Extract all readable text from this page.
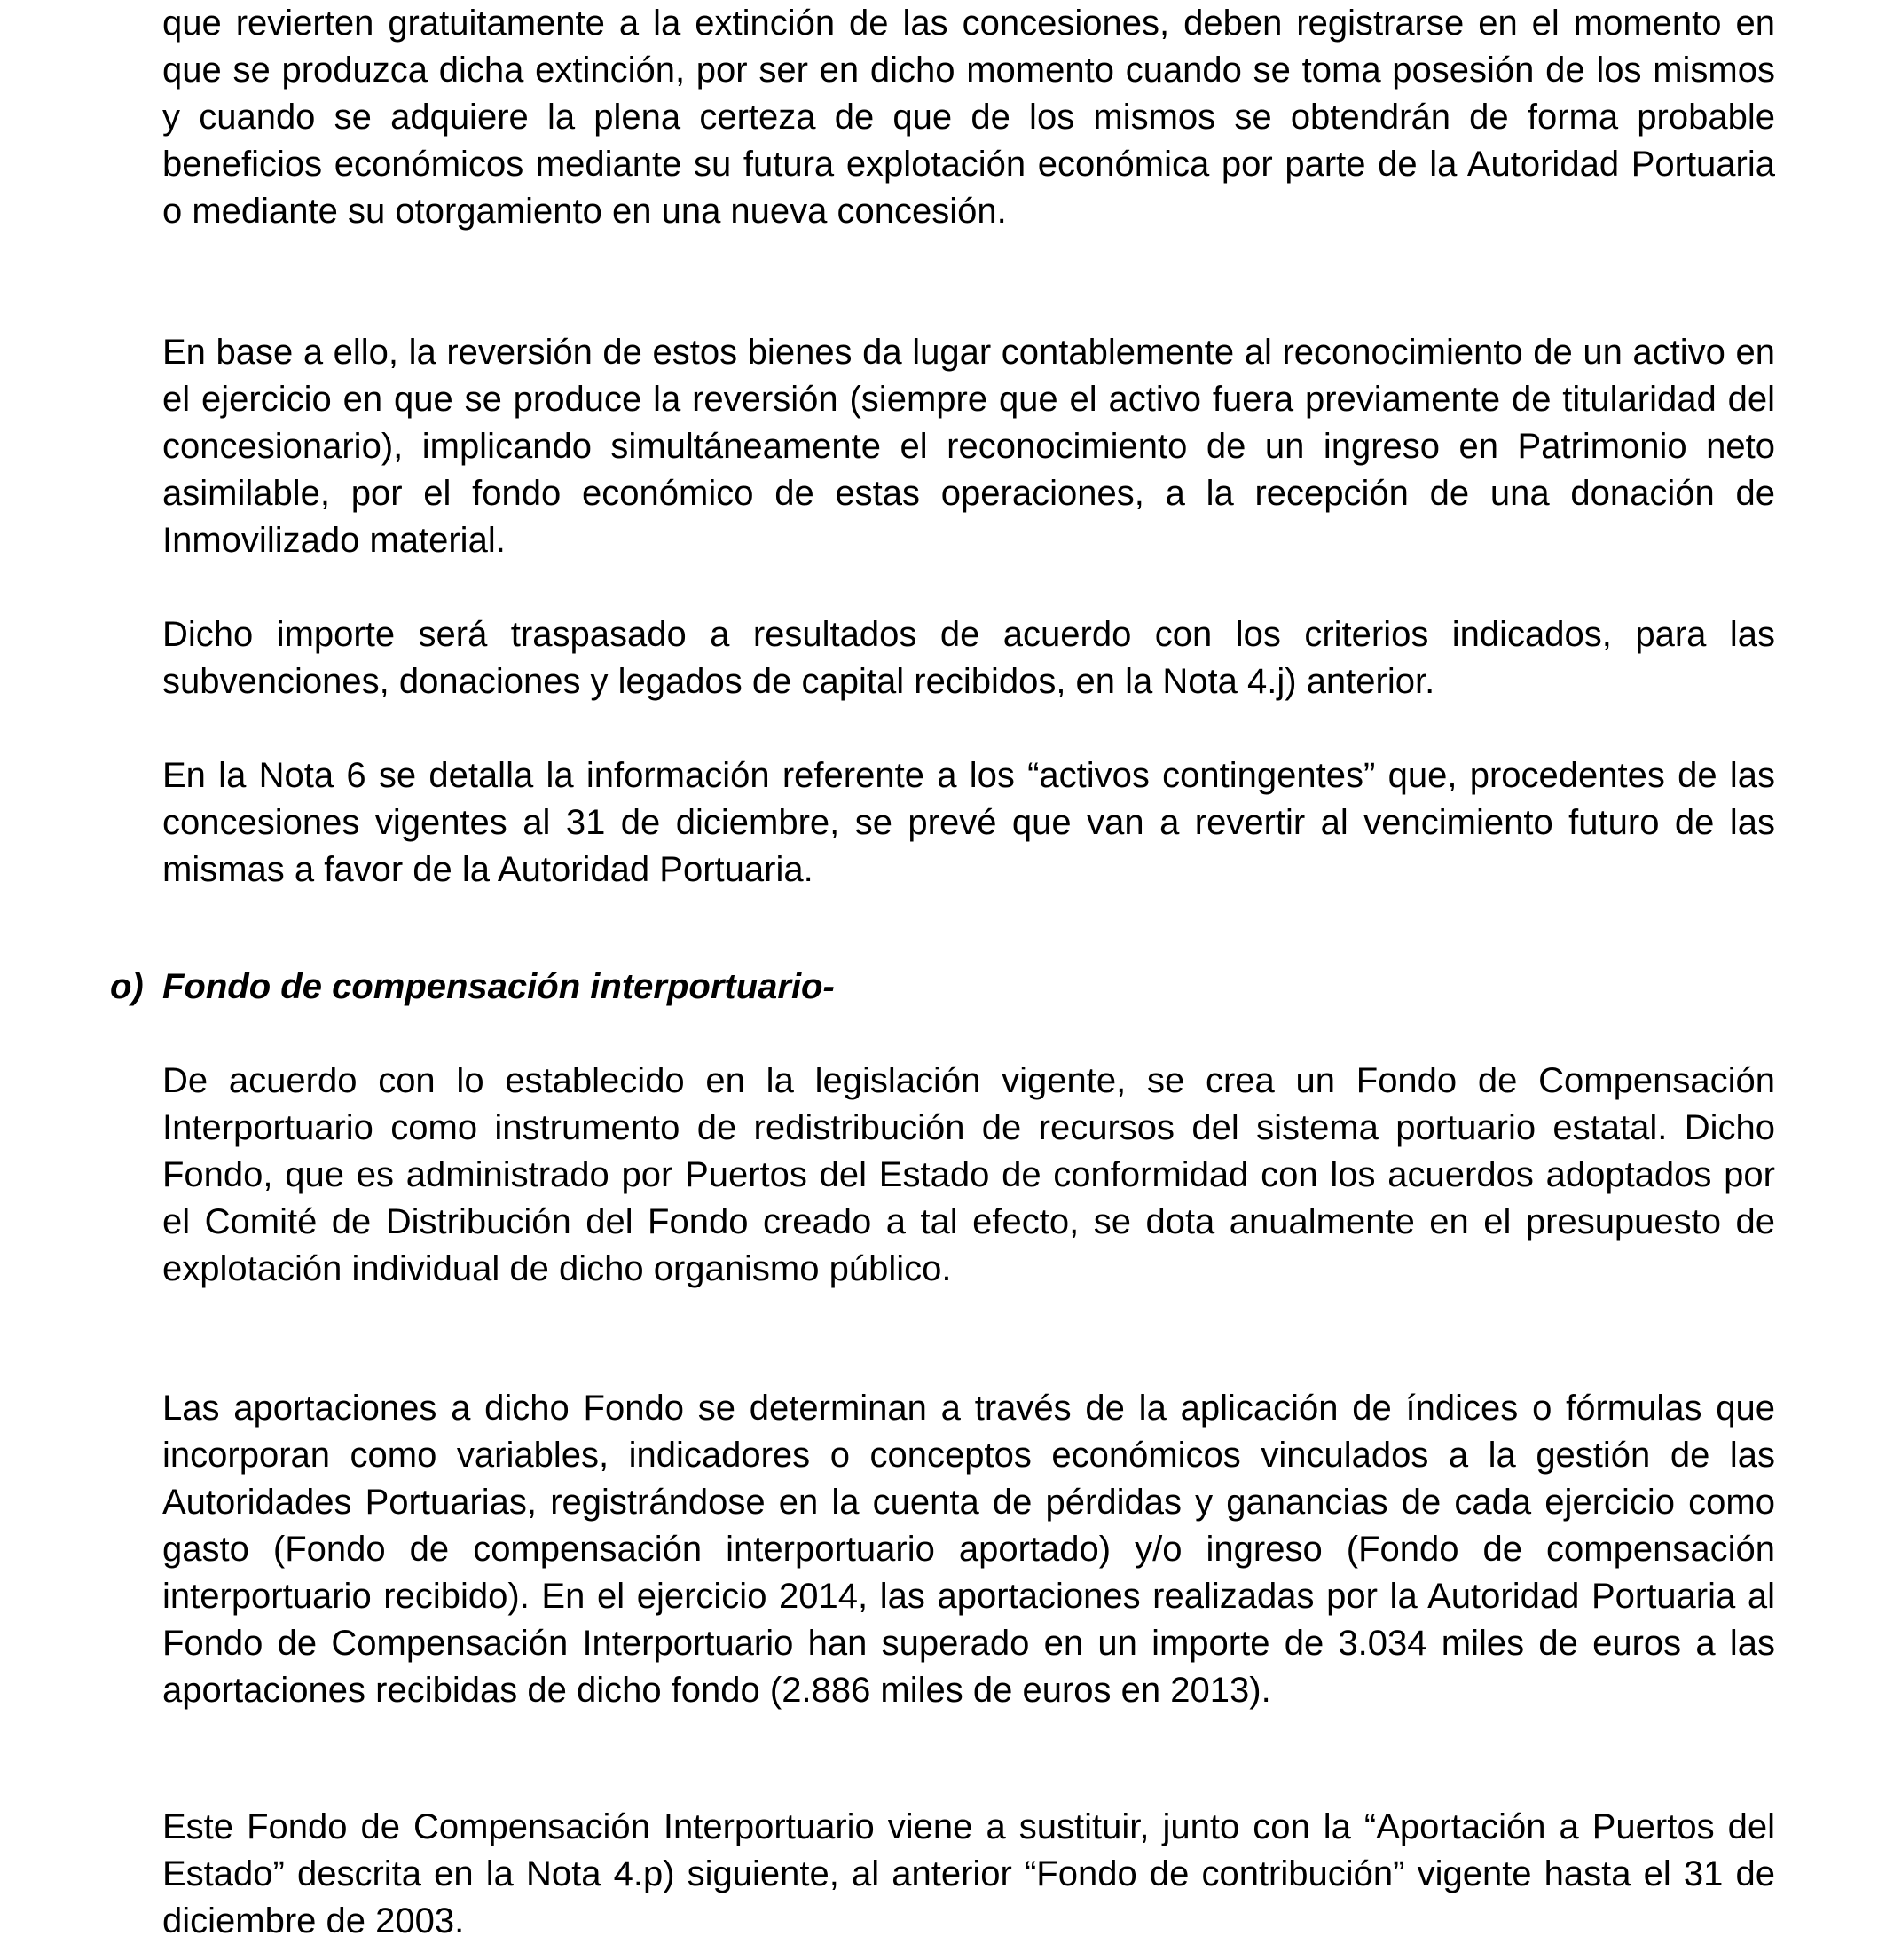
que revierten gratuitamente a la extinción de las concesiones, deben registrarse en el momento en que se produzca dicha extinción, por ser en dicho momento cuando se toma posesión de los mismos y cuando se adquiere la plena certeza de que de los mismos se obtendrán de forma probable beneficios económicos mediante su futura explotación económica por parte de la Autoridad Portuaria o mediante su otorgamiento en una nueva concesión.

En base a ello, la reversión de estos bienes da lugar contablemente al reconocimiento de un activo en el ejercicio en que se produce la reversión (siempre que el activo fuera previamente de titularidad del concesionario), implicando simultáneamente el reconocimiento de un ingreso en Patrimonio neto asimilable, por el fondo económico de estas operaciones, a la recepción de una donación de Inmovilizado material.

Dicho importe será traspasado a resultados de acuerdo con los criterios indicados, para las subvenciones, donaciones y legados de capital recibidos, en la Nota 4.j) anterior.

En la Nota 6 se detalla la información referente a los “activos contingentes” que, procedentes de las concesiones vigentes al 31 de diciembre, se prevé que van a revertir al vencimiento futuro de las mismas a favor de la Autoridad Portuaria.

o) Fondo de compensación interportuario-

De acuerdo con lo establecido en la legislación vigente, se crea un Fondo de Compensación Interportuario como instrumento de redistribución de recursos del sistema portuario estatal. Dicho Fondo, que es administrado por Puertos del Estado de conformidad con los acuerdos adoptados por el Comité de Distribución del Fondo creado a tal efecto, se dota anualmente en el presupuesto de explotación individual de dicho organismo público.

Las aportaciones a dicho Fondo se determinan a través de la aplicación de índices o fórmulas que incorporan como variables, indicadores o conceptos económicos vinculados a la gestión de las Autoridades Portuarias, registrándose en la cuenta de pérdidas y ganancias de cada ejercicio como gasto (Fondo de compensación interportuario aportado) y/o ingreso (Fondo de compensación interportuario recibido). En el ejercicio 2014, las aportaciones realizadas por la Autoridad Portuaria al Fondo de Compensación Interportuario han superado en un importe de 3.034 miles de euros a las aportaciones recibidas de dicho fondo (2.886 miles de euros en 2013).

Este Fondo de Compensación Interportuario viene a sustituir, junto con la “Aportación a Puertos del Estado” descrita en la Nota 4.p) siguiente, al anterior “Fondo de contribución” vigente hasta el 31 de diciembre de 2003.
